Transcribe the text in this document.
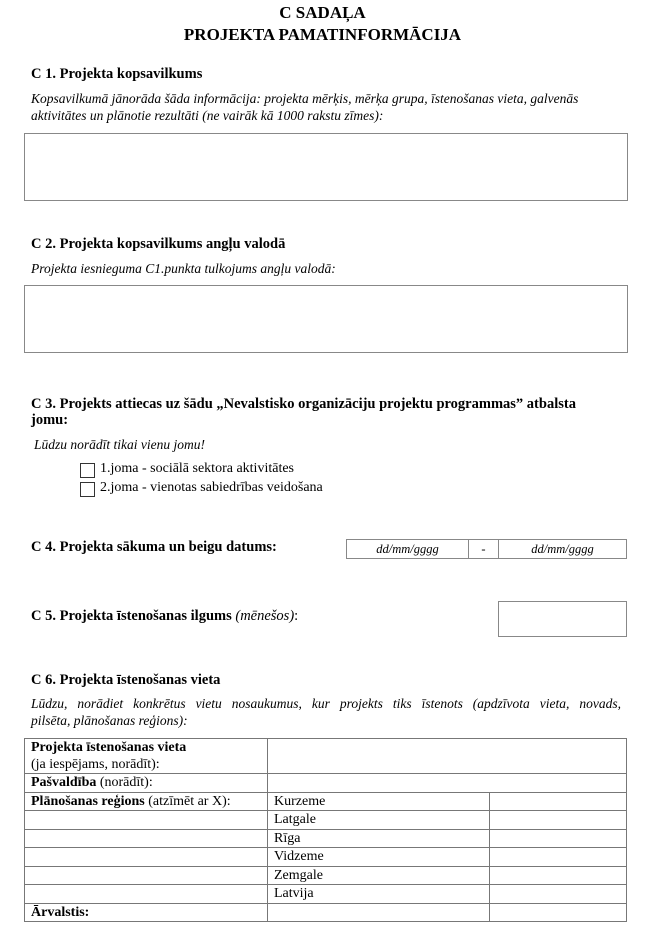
C SADAĻA
PROJEKTA PAMATINFORMĀCIJA
C 1. Projekta kopsavilkums
Kopsavilkumā jānorāda šāda informācija: projekta mērķis, mērķa grupa, īstenošanas vieta, galvenās
aktivitātes un plānotie rezultāti (ne vairāk kā 1000 rakstu zīmes):
C 2. Projekta kopsavilkums angļu valodā
Projekta iesnieguma C1.punkta tulkojums angļu valodā:
C 3. Projekts attiecas uz šādu „Nevalstisko organizāciju projektu programmas” atbalsta
jomu:
Lūdzu norādīt tikai vienu jomu!
1.joma - sociālā sektora aktivitātes
2.joma - vienotas sabiedrības veidošana
C 4. Projekta sākuma un beigu datums:	dd/mm/gggg	-	dd/mm/gggg
C 5. Projekta īstenošanas ilgums (mēnešos):
C 6. Projekta īstenošanas vieta
Lūdzu, norādiet konkrētus vietu nosaukumus, kur projekts tiks īstenots (apdzīvota vieta, novads,
pilsēta, plānošanas reģions):
Projekta īstenošanas vieta
(ja iespējams, norādīt):		
Pašvaldība (norādīt):		
Plānošanas reģions (atzīmēt ar X):	Kurzeme	
	Latgale	
	Rīga	
	Vidzeme	
	Zemgale	
	Latvija	
Ārvalstis:		
